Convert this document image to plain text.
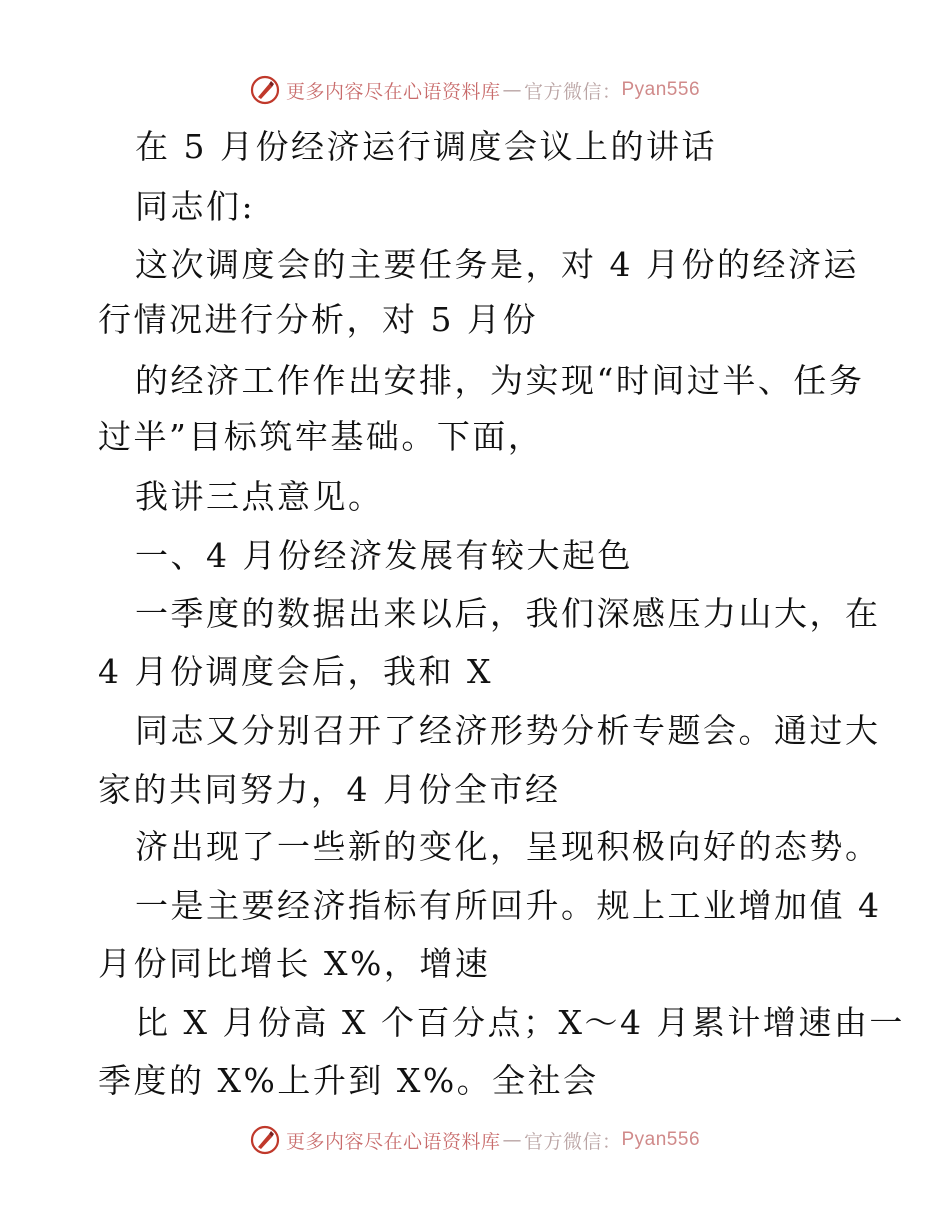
更多内容尽在心语资料库 — 官方微信： Pyan556
在 5 月份经济运行调度会议上的讲话
同志们:
这次调度会的主要任务是，对 4 月份的经济运
行情况进行分析，对 5 月份
的经济工作作出安排，为实现“时间过半、任务
过半”目标筑牢基础。下面，
我讲三点意见。
一、4 月份经济发展有较大起色
一季度的数据出来以后，我们深感压力山大，在
4 月份调度会后，我和 X
同志又分别召开了经济形势分析专题会。通过大
家的共同努力，4 月份全市经
济出现了一些新的变化，呈现积极向好的态势。
一是主要经济指标有所回升。规上工业增加值 4
月份同比增长 X%，增速
比 X 月份高 X 个百分点；X～4 月累计增速由一
季度的 X%上升到 X%。全社会
更多内容尽在心语资料库 — 官方微信： Pyan556
